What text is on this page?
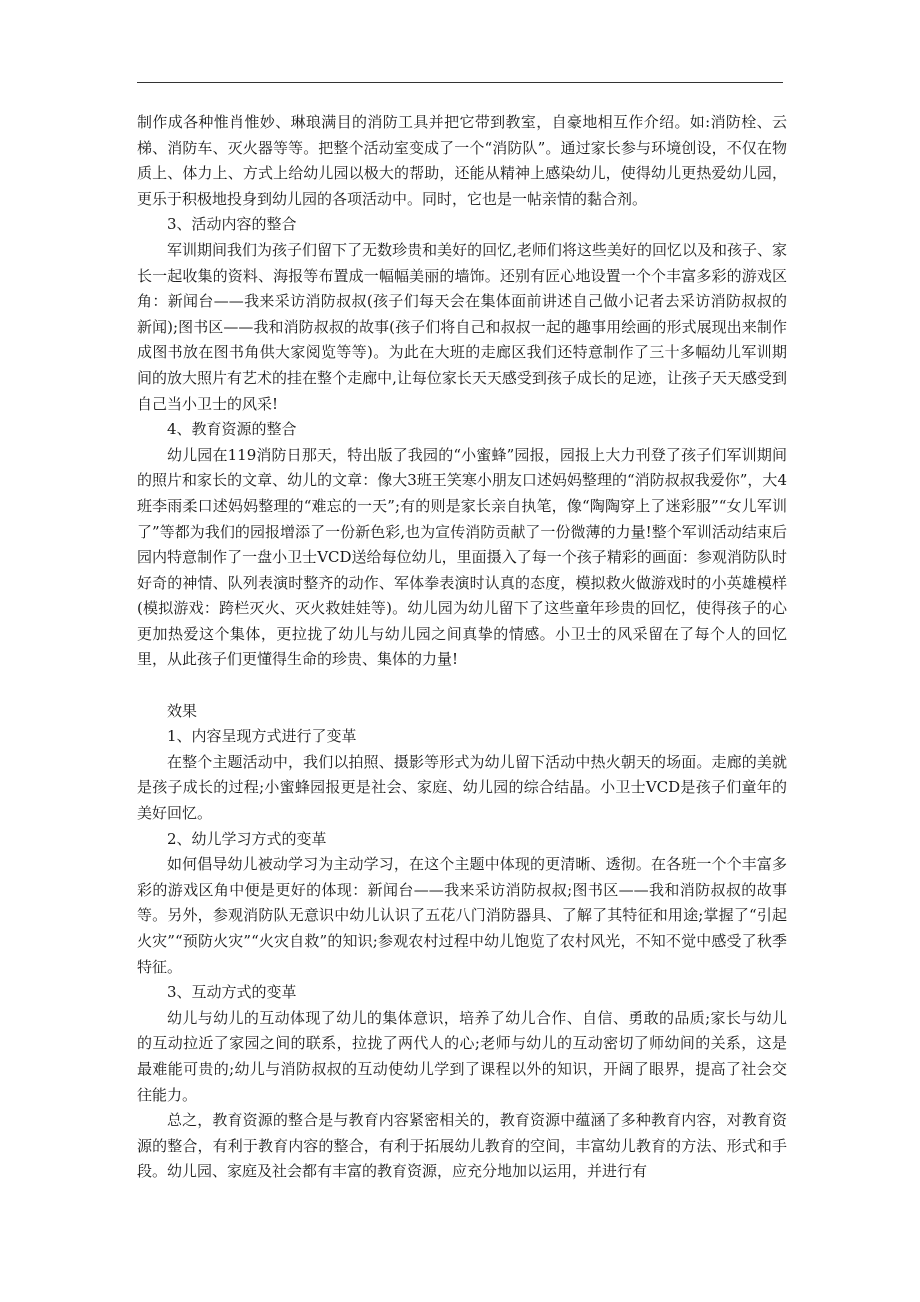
制作成各种惟肖惟妙、琳琅满目的消防工具并把它带到教室，自豪地相互作介绍。如:消防栓、云梯、消防车、灭火器等等。把整个活动室变成了一个“消防队”。通过家长参与环境创设，不仅在物质上、体力上、方式上给幼儿园以极大的帮助，还能从精神上感染幼儿，使得幼儿更热爱幼儿园，更乐于积极地投身到幼儿园的各项活动中。同时，它也是一帖亲情的黏合剂。
3、活动内容的整合
军训期间我们为孩子们留下了无数珍贵和美好的回忆,老师们将这些美好的回忆以及和孩子、家长一起收集的资料、海报等布置成一幅幅美丽的墙饰。还别有匠心地设置一个个丰富多彩的游戏区角：新闻台——我来采访消防叔叔(孩子们每天会在集体面前讲述自己做小记者去采访消防叔叔的新闻);图书区——我和消防叔叔的故事(孩子们将自己和叔叔一起的趣事用绘画的形式展现出来制作成图书放在图书角供大家阅览等等)。为此在大班的走廊区我们还特意制作了三十多幅幼儿军训期间的放大照片有艺术的挂在整个走廊中,让每位家长天天感受到孩子成长的足迹，让孩子天天感受到自己当小卫士的风采!
4、教育资源的整合
幼儿园在119消防日那天，特出版了我园的“小蜜蜂”园报，园报上大力刊登了孩子们军训期间的照片和家长的文章、幼儿的文章：像大3班王笑寒小朋友口述妈妈整理的“消防叔叔我爱你”，大4班李雨柔口述妈妈整理的“难忘的一天”;有的则是家长亲自执笔，像“陶陶穿上了迷彩服”“女儿军训了”等都为我们的园报增添了一份新色彩,也为宣传消防贡献了一份微薄的力量!整个军训活动结束后园内特意制作了一盘小卫士VCD送给每位幼儿，里面摄入了每一个孩子精彩的画面：参观消防队时好奇的神情、队列表演时整齐的动作、军体拳表演时认真的态度，模拟救火做游戏时的小英雄模样(模拟游戏：跨栏灭火、灭火救娃娃等)。幼儿园为幼儿留下了这些童年珍贵的回忆，使得孩子的心更加热爱这个集体，更拉拢了幼儿与幼儿园之间真挚的情感。小卫士的风采留在了每个人的回忆里，从此孩子们更懂得生命的珍贵、集体的力量!
效果
1、内容呈现方式进行了变革
在整个主题活动中，我们以拍照、摄影等形式为幼儿留下活动中热火朝天的场面。走廊的美就是孩子成长的过程;小蜜蜂园报更是社会、家庭、幼儿园的综合结晶。小卫士VCD是孩子们童年的美好回忆。
2、幼儿学习方式的变革
如何倡导幼儿被动学习为主动学习，在这个主题中体现的更清晰、透彻。在各班一个个丰富多彩的游戏区角中便是更好的体现：新闻台——我来采访消防叔叔;图书区——我和消防叔叔的故事等。另外，参观消防队无意识中幼儿认识了五花八门消防器具、了解了其特征和用途;掌握了“引起火灾”“预防火灾”“火灾自救”的知识;参观农村过程中幼儿饱览了农村风光，不知不觉中感受了秋季特征。
3、互动方式的变革
幼儿与幼儿的互动体现了幼儿的集体意识，培养了幼儿合作、自信、勇敢的品质;家长与幼儿的互动拉近了家园之间的联系，拉拢了两代人的心;老师与幼儿的互动密切了师幼间的关系，这是最难能可贵的;幼儿与消防叔叔的互动使幼儿学到了课程以外的知识，开阔了眼界，提高了社会交往能力。
总之，教育资源的整合是与教育内容紧密相关的，教育资源中蕴涵了多种教育内容，对教育资源的整合，有利于教育内容的整合，有利于拓展幼儿教育的空间，丰富幼儿教育的方法、形式和手段。幼儿园、家庭及社会都有丰富的教育资源，应充分地加以运用，并进行有
